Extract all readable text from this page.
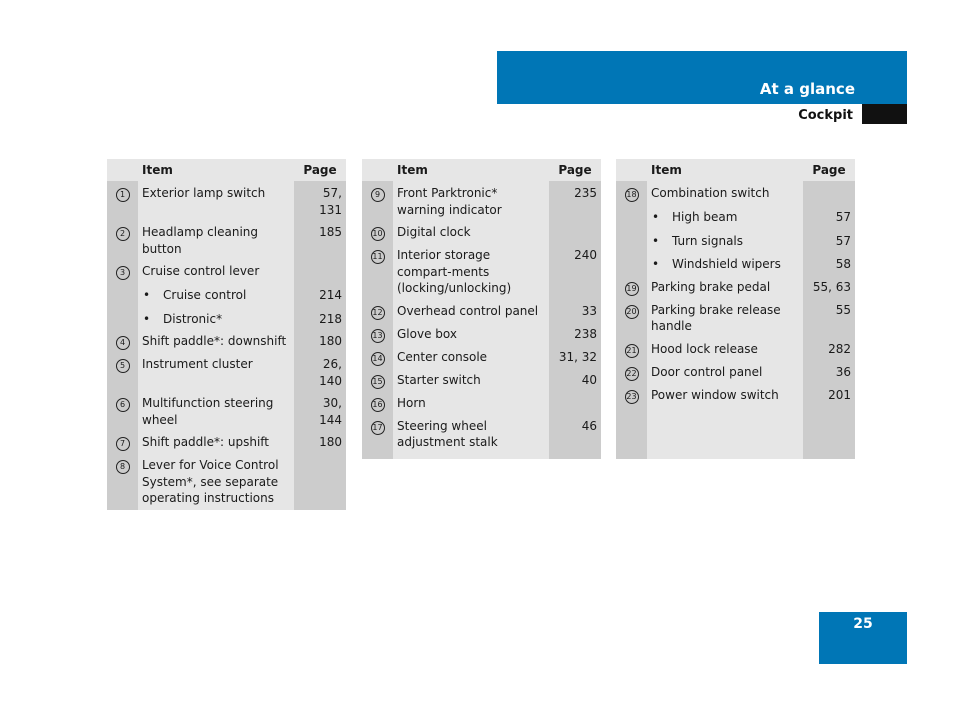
At a glance
Cockpit
	Item	Page
1	Exterior lamp switch	57, 131
2	Headlamp cleaning button	185
3	Cruise control lever	
	• Cruise control	214
	• Distronic*	218
4	Shift paddle*: downshift	180
5	Instrument cluster	26, 140
6	Multifunction steering wheel	30, 144
7	Shift paddle*: upshift	180
8	Lever for Voice Control System*, see separate operating instructions	

	Item	Page
9	Front Parktronic* warning indicator	235
10	Digital clock	
11	Interior storage compart-ments (locking/unlocking)	240
12	Overhead control panel	33
13	Glove box	238
14	Center console	31, 32
15	Starter switch	40
16	Horn	
17	Steering wheel adjustment stalk	46

	Item	Page
18	Combination switch	
	• High beam	57
	• Turn signals	57
	• Windshield wipers	58
19	Parking brake pedal	55, 63
20	Parking brake release handle	55
21	Hood lock release	282
22	Door control panel	36
23	Power window switch	201

25
